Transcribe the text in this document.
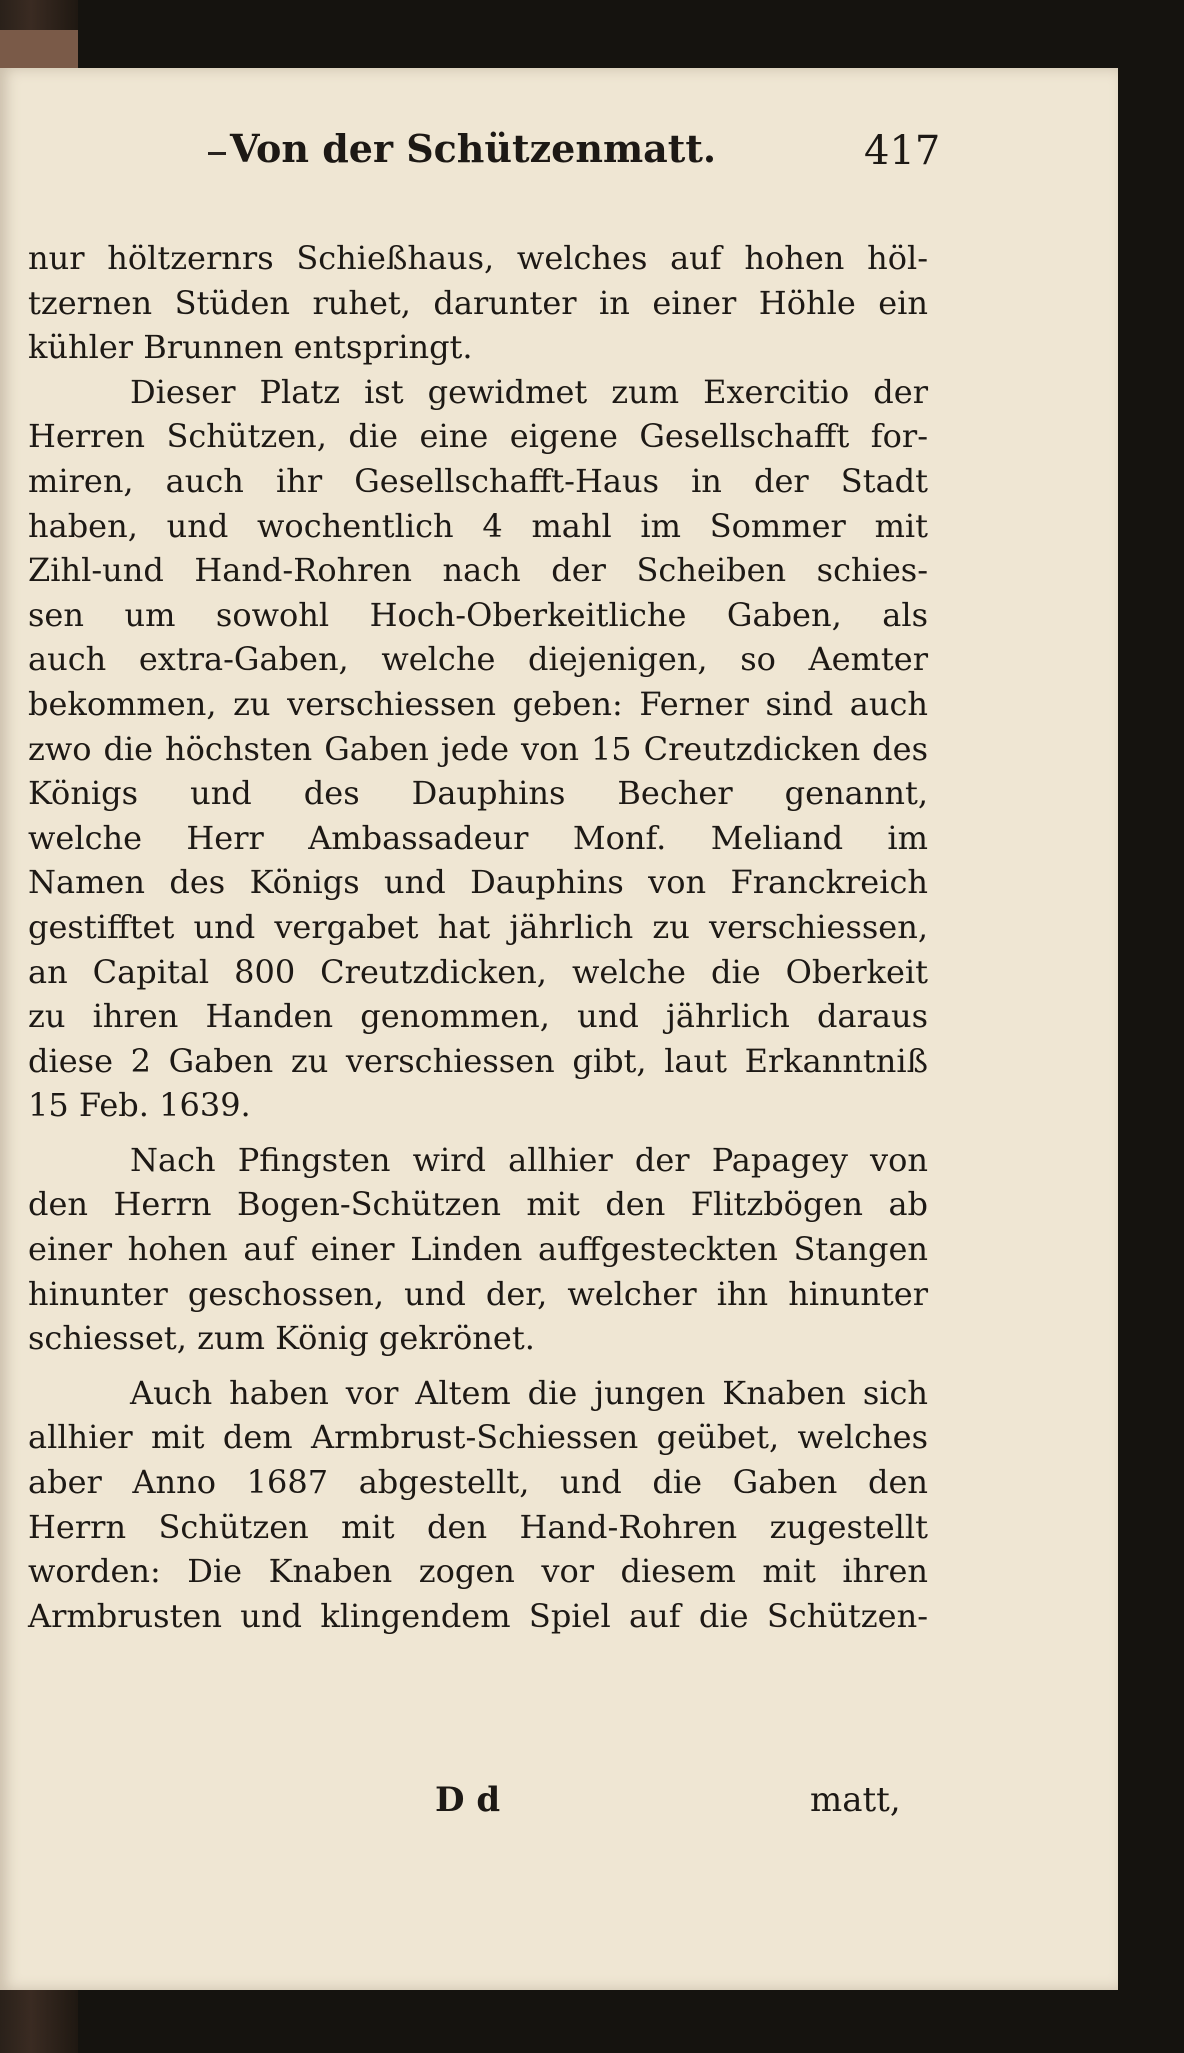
Von der Schützenmatt.	417
nur höltzernrs Schießhaus, welches auf hohen höl-
tzernen Stüden ruhet, darunter in einer Höhle ein
kühler Brunnen entspringt.
Dieser Platz ist gewidmet zum Exercitio der
Herren Schützen, die eine eigene Gesellschafft for-
miren, auch ihr Gesellschafft-Haus in der Stadt
haben, und wochentlich 4 mahl im Sommer mit
Zihl-und Hand-Rohren nach der Scheiben schies-
sen um sowohl Hoch-Oberkeitliche Gaben, als
auch extra-Gaben, welche diejenigen, so Aemter
bekommen, zu verschiessen geben: Ferner sind auch
zwo die höchsten Gaben jede von 15 Creutzdicken des
Königs und des Dauphins Becher genannt,
welche Herr Ambassadeur Monf. Meliand im
Namen des Königs und Dauphins von Franckreich
gestifftet und vergabet hat jährlich zu verschiessen,
an Capital 800 Creutzdicken, welche die Oberkeit
zu ihren Handen genommen, und jährlich daraus
diese 2 Gaben zu verschiessen gibt, laut Erkanntniß
15 Feb. 1639.
Nach Pfingsten wird allhier der Papagey von
den Herrn Bogen-Schützen mit den Flitzbögen ab
einer hohen auf einer Linden auffgesteckten Stangen
hinunter geschossen, und der, welcher ihn hinunter
schiesset, zum König gekrönet.
Auch haben vor Altem die jungen Knaben sich
allhier mit dem Armbrust-Schiessen geübet, welches
aber Anno 1687 abgestellt, und die Gaben den
Herrn Schützen mit den Hand-Rohren zugestellt
worden: Die Knaben zogen vor diesem mit ihren
Armbrusten und klingendem Spiel auf die Schützen-
D d	matt,
